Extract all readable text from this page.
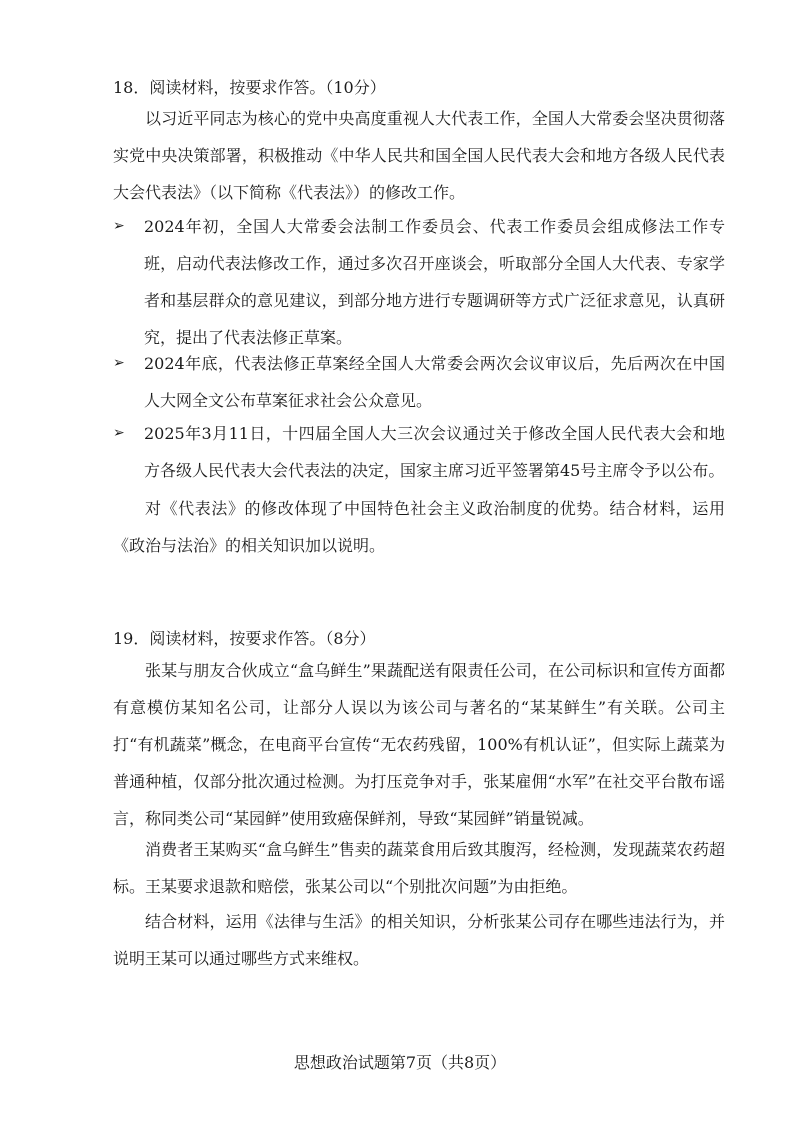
18．阅读材料，按要求作答。（10分）
以习近平同志为核心的党中央高度重视人大代表工作，全国人大常委会坚决贯彻落实党中央决策部署，积极推动《中华人民共和国全国人民代表大会和地方各级人民代表大会代表法》（以下简称《代表法》）的修改工作。
➢ 2024年初，全国人大常委会法制工作委员会、代表工作委员会组成修法工作专班，启动代表法修改工作，通过多次召开座谈会，听取部分全国人大代表、专家学者和基层群众的意见建议，到部分地方进行专题调研等方式广泛征求意见，认真研究，提出了代表法修正草案。
➢ 2024年底，代表法修正草案经全国人大常委会两次会议审议后，先后两次在中国人大网全文公布草案征求社会公众意见。
➢ 2025年3月11日，十四届全国人大三次会议通过关于修改全国人民代表大会和地方各级人民代表大会代表法的决定，国家主席习近平签署第45号主席令予以公布。
对《代表法》的修改体现了中国特色社会主义政治制度的优势。结合材料，运用《政治与法治》的相关知识加以说明。
19．阅读材料，按要求作答。（8分）
张某与朋友合伙成立“盒乌鲜生”果蔬配送有限责任公司，在公司标识和宣传方面都有意模仿某知名公司，让部分人误以为该公司与著名的“某某鲜生”有关联。公司主打“有机蔬菜”概念，在电商平台宣传“无农药残留，100%有机认证”，但实际上蔬菜为普通种植，仅部分批次通过检测。为打压竞争对手，张某雇佣“水军”在社交平台散布谣言，称同类公司“某园鲜”使用致癌保鲜剂，导致“某园鲜”销量锐减。
消费者王某购买“盒乌鲜生”售卖的蔬菜食用后致其腹泻，经检测，发现蔬菜农药超标。王某要求退款和赔偿，张某公司以“个别批次问题”为由拒绝。
结合材料，运用《法律与生活》的相关知识，分析张某公司存在哪些违法行为，并说明王某可以通过哪些方式来维权。
思想政治试题第7页（共8页）
